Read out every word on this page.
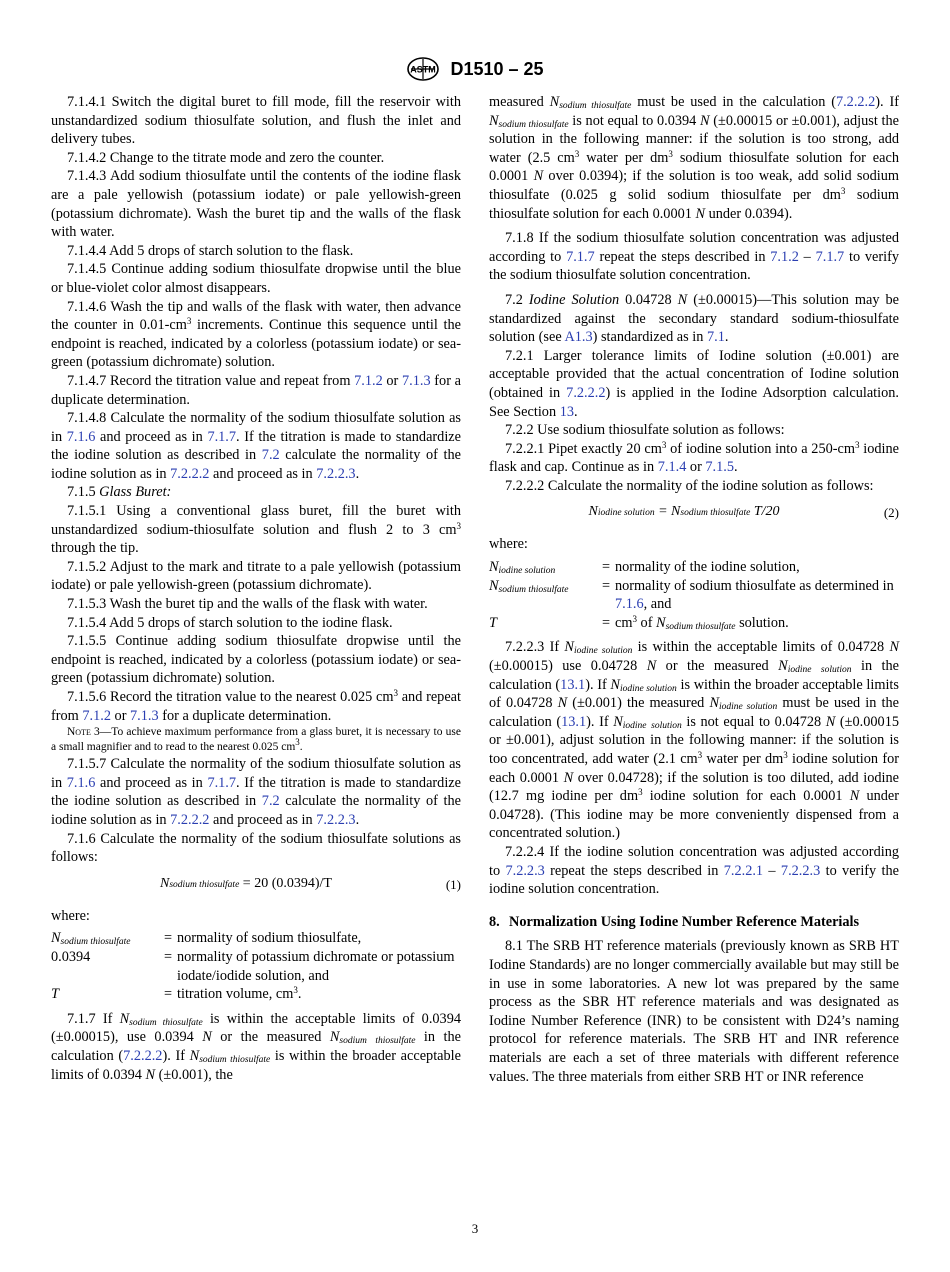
ASTM D1510 – 25

7.1.4.1 Switch the digital buret to fill mode, fill the reservoir with unstandardized sodium thiosulfate solution, and flush the inlet and delivery tubes.

7.1.4.2 Change to the titrate mode and zero the counter.

7.1.4.3 Add sodium thiosulfate until the contents of the iodine flask are a pale yellowish (potassium iodate) or pale yellowish-green (potassium dichromate). Wash the buret tip and the walls of the flask with water.

7.1.4.4 Add 5 drops of starch solution to the flask.

7.1.4.5 Continue adding sodium thiosulfate dropwise until the blue or blue-violet color almost disappears.

7.1.4.6 Wash the tip and walls of the flask with water, then advance the counter in $0.01-cm^3$ increments. Continue this sequence until the endpoint is reached, indicated by a colorless (potassium iodate) or sea-green (potassium dichromate) solution.

7.1.4.7 Record the titration value and repeat from 7.1.2 or 7.1.3 for a duplicate determination.

7.1.4.8 Calculate the normality of the sodium thiosulfate solution as in 7.1.6 and proceed as in 7.1.7. If the titration is made to standardize the iodine solution as described in 7.2 calculate the normality of the iodine solution as in 7.2.2.2 and proceed as in 7.2.2.3.

7.1.5 Glass Buret:

7.1.5.1 Using a conventional glass buret, fill the buret with unstandardized sodium-thiosulfate solution and flush 2 to 3 $cm^3$ through the tip.

7.1.5.2 Adjust to the mark and titrate to a pale yellowish (potassium iodate) or pale yellowish-green (potassium dichromate).

7.1.5.3 Wash the buret tip and the walls of the flask with water.

7.1.5.4 Add 5 drops of starch solution to the iodine flask.

7.1.5.5 Continue adding sodium thiosulfate dropwise until the endpoint is reached, indicated by a colorless (potassium iodate) or sea-green (potassium dichromate) solution.

7.1.5.6 Record the titration value to the nearest 0.025 $cm^3$ and repeat from 7.1.2 or 7.1.3 for a duplicate determination.

Note 3—To achieve maximum performance from a glass buret, it is necessary to use a small magnifier and to read to the nearest 0.025 $cm^3$.

7.1.5.7 Calculate the normality of the sodium thiosulfate solution as in 7.1.6 and proceed as in 7.1.7. If the titration is made to standardize the iodine solution as described in 7.2 calculate the normality of the iodine solution as in 7.2.2.2 and proceed as in 7.2.2.3.

7.1.6 Calculate the normality of the sodium thiosulfate solutions as follows:

Nsodium thiosulfate = 20 (0.0394)/T	(1)

where:

$N_{sodium thiosulfate}$	= normality of sodium thiosulfate,
0.0394	= normality of potassium dichromate or potassium iodate/iodide solution, and
T	= titration volume, $cm^3$.

7.1.7 If $N_{sodium thiosulfate}$ is within the acceptable limits of 0.0394 (±0.00015), use 0.0394 N or the measured $N_{sodium}$ $_{thiosulfate}$ in the calculation (7.2.2.2). If $N_{sodium thiosulfate}$ is within the broader acceptable limits of 0.0394 N (±0.001), the

measured $N_{sodium thiosulfate}$ must be used in the calculation (7.2.2.2). If $N_{sodium thiosulfate}$ is not equal to 0.0394 N (±0.00015 or ±0.001), adjust the solution in the following manner: if the solution is too strong, add water (2.5 $cm^3$ water per $dm^3$ sodium thiosulfate solution for each 0.0001 N over 0.0394); if the solution is too weak, add solid sodium thiosulfate (0.025 g solid sodium thiosulfate per $dm^3$ sodium thiosulfate solution for each 0.0001 N under 0.0394).

7.1.8 If the sodium thiosulfate solution concentration was adjusted according to 7.1.7 repeat the steps described in 7.1.2 – 7.1.7 to verify the sodium thiosulfate solution concentration.

7.2 Iodine Solution 0.04728 N (±0.00015)—This solution may be standardized against the secondary standard sodium-thiosulfate solution (see A1.3) standardized as in 7.1.

7.2.1 Larger tolerance limits of Iodine solution (±0.001) are acceptable provided that the actual concentration of Iodine solution (obtained in 7.2.2.2) is applied in the Iodine Adsorption calculation. See Section 13.

7.2.2 Use sodium thiosulfate solution as follows:

7.2.2.1 Pipet exactly 20 $cm^3$ of iodine solution into a $250-cm^3$ iodine flask and cap. Continue as in 7.1.4 or 7.1.5.

7.2.2.2 Calculate the normality of the iodine solution as follows:

Niodine solution = Nsodium thiosulfate T/20	(2)

where:

$N_{iodine solution}$	= normality of the iodine solution,
$N_{sodium thiosulfate}$	= normality of sodium thiosulfate as determined in 7.1.6, and
T	= $cm^3$ of $N_{sodium thiosulfate}$ solution.

7.2.2.3 If $N_{iodine solution}$ is within the acceptable limits of 0.04728 N (±0.00015) use 0.04728 N or the measured $N_{iodine}$ $_{solution}$ in the calculation (13.1). If $N_{iodine solution}$ is within the broader acceptable limits of 0.04728 N (±0.001) the measured $N_{iodine solution}$ must be used in the calculation (13.1). If $N_{iodine}$ $_{solution}$ is not equal to 0.04728 N (±0.00015 or ±0.001), adjust solution in the following manner: if the solution is too concentrated, add water (2.1 $cm^3$ water per $dm^3$ iodine solution for each 0.0001 N over 0.04728); if the solution is too diluted, add iodine (12.7 mg iodine per $dm^3$ iodine solution for each 0.0001 N under 0.04728). (This iodine may be more conveniently dispensed from a concentrated solution.)

7.2.2.4 If the iodine solution concentration was adjusted according to 7.2.2.3 repeat the steps described in 7.2.2.1 – 7.2.2.3 to verify the iodine solution concentration.

8. Normalization Using Iodine Number Reference Materials

8.1 The SRB HT reference materials (previously known as SRB HT Iodine Standards) are no longer commercially available but may still be in use in some laboratories. A new lot was prepared by the same process as the SBR HT reference materials and was designated as Iodine Number Reference (INR) to be consistent with D24’s naming protocol for reference materials. The SRB HT and INR reference materials are each a set of three materials with different reference values. The three materials from either SRB HT or INR reference

3
